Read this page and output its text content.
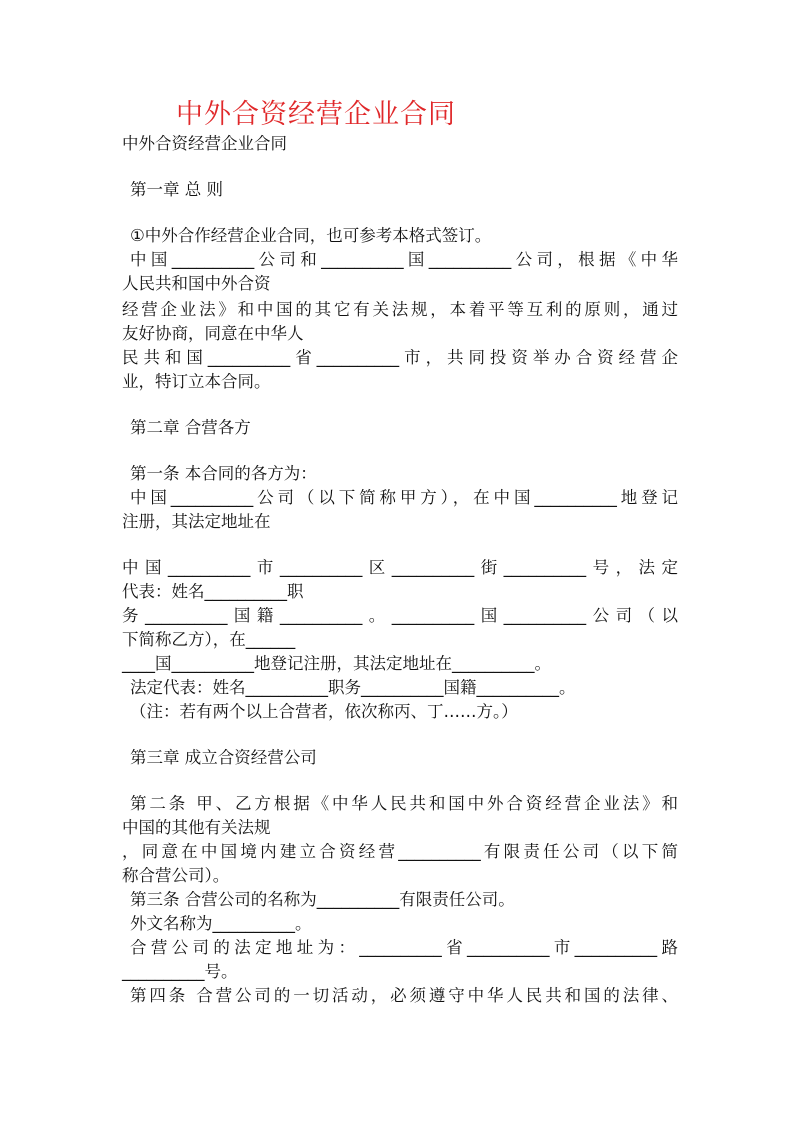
中外合资经营企业合同
中外合资经营企业合同
第一章 总 则
①中外合作经营企业合同，也可参考本格式签订。
中国__________公司和__________国__________公司，根据《中华
人民共和国中外合资
经营企业法》和中国的其它有关法规，本着平等互利的原则，通过
友好协商，同意在中华人
民共和国__________省__________市，共同投资举办合资经营企
业，特订立本合同。
第二章 合营各方
第一条 本合同的各方为：
中国__________公司（以下简称甲方），在中国__________地登记
注册，其法定地址在
中国__________市__________区__________街__________号，法定
代表：姓名__________职
务__________国籍__________。__________国__________公司（以
下简称乙方），在______
____国__________地登记注册，其法定地址在__________。
法定代表：姓名__________职务__________国籍__________。
（注：若有两个以上合营者，依次称丙、丁……方。）
第三章 成立合资经营公司
第二条 甲、乙方根据《中华人民共和国中外合资经营企业法》和
中国的其他有关法规
，同意在中国境内建立合资经营__________有限责任公司（以下简
称合营公司）。
第三条 合营公司的名称为__________有限责任公司。
外文名称为__________。
合营公司的法定地址为：__________省__________市__________路
__________号。
第四条 合营公司的一切活动，必须遵守中华人民共和国的法律、
